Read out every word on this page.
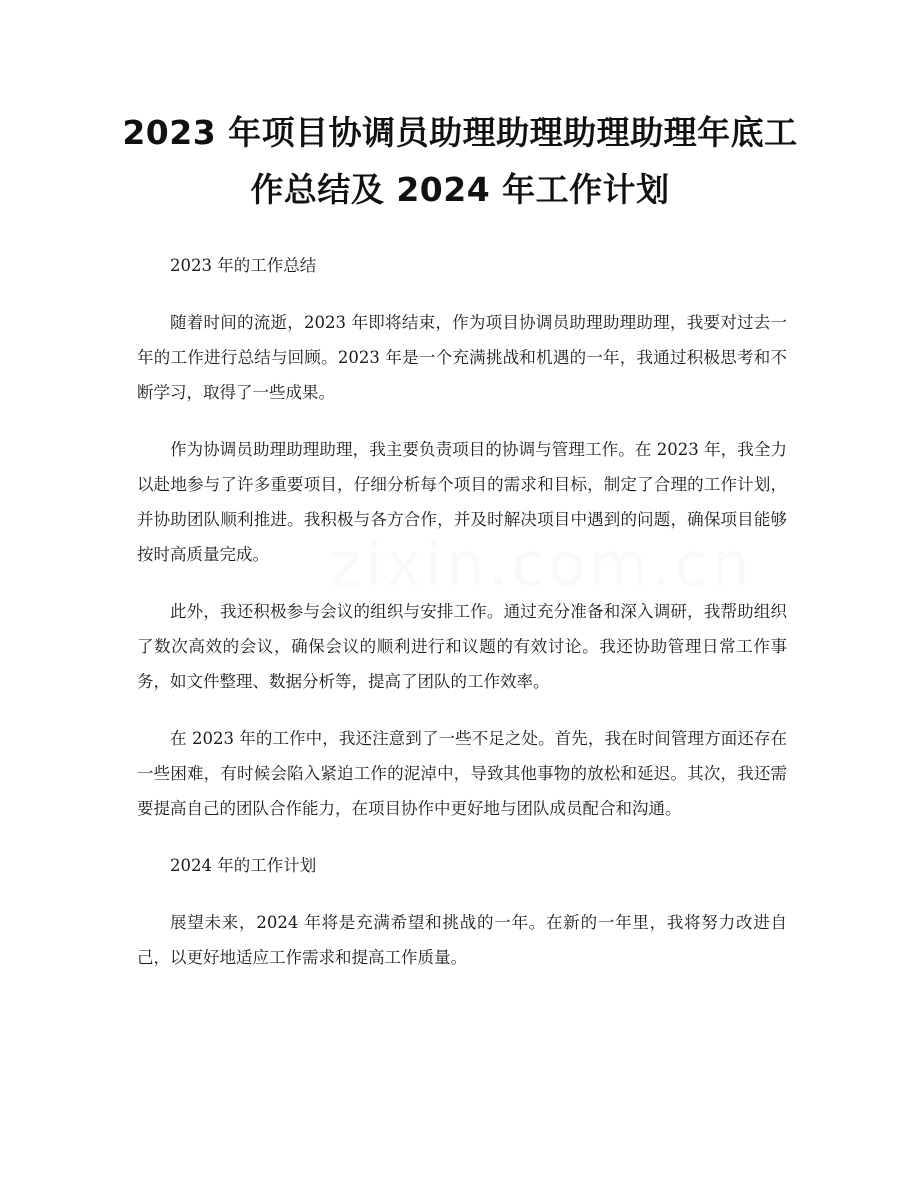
2023 年项目协调员助理助理助理助理年底工作总结及 2024 年工作计划

2023 年的工作总结

随着时间的流逝，2023 年即将结束，作为项目协调员助理助理助理，我要对过去一年的工作进行总结与回顾。2023 年是一个充满挑战和机遇的一年，我通过积极思考和不断学习，取得了一些成果。

作为协调员助理助理助理，我主要负责项目的协调与管理工作。在 2023 年，我全力以赴地参与了许多重要项目，仔细分析每个项目的需求和目标，制定了合理的工作计划，并协助团队顺利推进。我积极与各方合作，并及时解决项目中遇到的问题，确保项目能够按时高质量完成。

此外，我还积极参与会议的组织与安排工作。通过充分准备和深入调研，我帮助组织了数次高效的会议，确保会议的顺利进行和议题的有效讨论。我还协助管理日常工作事务，如文件整理、数据分析等，提高了团队的工作效率。

在 2023 年的工作中，我还注意到了一些不足之处。首先，我在时间管理方面还存在一些困难，有时候会陷入紧迫工作的泥淖中，导致其他事物的放松和延迟。其次，我还需要提高自己的团队合作能力，在项目协作中更好地与团队成员配合和沟通。

2024 年的工作计划

展望未来，2024 年将是充满希望和挑战的一年。在新的一年里，我将努力改进自己，以更好地适应工作需求和提高工作质量。

zixin.com.cn
